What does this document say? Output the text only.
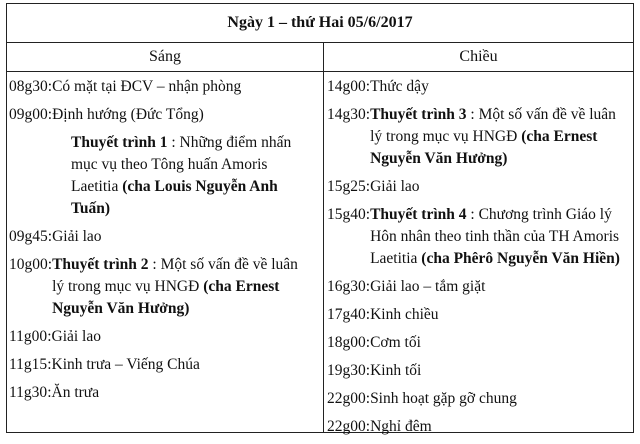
Ngày 1 – thứ Hai 05/6/2017
Sáng	Chiều
08g30 : Có mặt tại ĐCV – nhận phòng
09g00 : Định hướng (Đức Tổng)
Thuyết trình 1 : Những điểm nhấn mục vụ theo Tông huấn Amoris Laetitia (cha Louis Nguyễn Anh Tuấn)
09g45 : Giải lao
10g00 : Thuyết trình 2 : Một số vấn đề về luân lý trong mục vụ HNGĐ (cha Ernest Nguyễn Văn Hưởng)
11g00 : Giải lao
11g15 : Kinh trưa – Viếng Chúa
11g30 : Ăn trưa
14g00 : Thức dậy
14g30 : Thuyết trình 3 : Một số vấn đề về luân lý trong mục vụ HNGĐ (cha Ernest Nguyễn Văn Hưởng)
15g25 : Giải lao
15g40 : Thuyết trình 4 : Chương trình Giáo lý Hôn nhân theo tinh thần của TH Amoris Laetitia (cha Phêrô Nguyễn Văn Hiền)
16g30 : Giải lao – tắm giặt
17g40 : Kinh chiều
18g00 : Cơm tối
19g30 : Kinh tối
22g00 : Sinh hoạt gặp gỡ chung
22g00 : Nghỉ đêm
